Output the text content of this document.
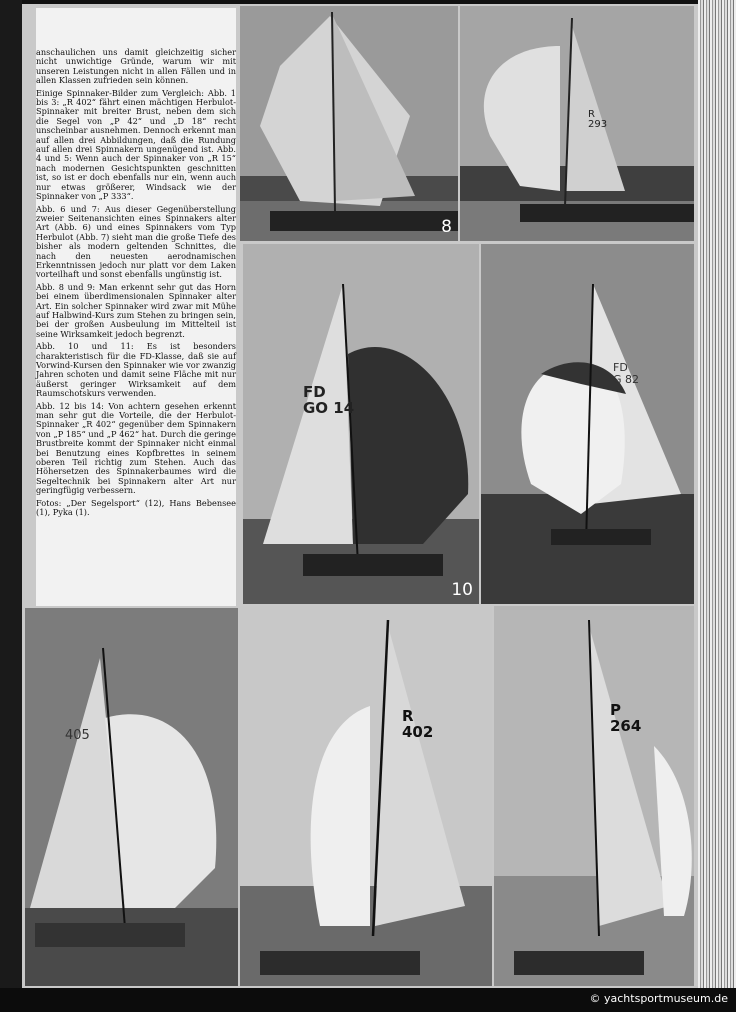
anschaulichen uns damit gleichzeitig sicher nicht unwichtige Gründe, warum wir mit unseren Leistungen nicht in allen Fällen und in allen Klassen zufrieden sein können.

Einige Spinnaker-Bilder zum Vergleich: Abb. 1 bis 3: „R 402“ fährt einen mächtigen Herbulot-Spinnaker mit breiter Brust, neben dem sich die Segel von „P 42“ und „D 18“ recht unscheinbar ausnehmen. Dennoch erkennt man auf allen drei Abbildungen, daß die Rundung auf allen drei Spinnakern ungenügend ist. Abb. 4 und 5: Wenn auch der Spinnaker von „R 15“ nach modernen Gesichtspunkten geschnitten ist, so ist er doch ebenfalls nur ein, wenn auch nur etwas größerer, Windsack wie der Spinnaker von „P 333“.

Abb. 6 und 7: Aus dieser Gegenüberstellung zweier Seitenansichten eines Spinnakers alter Art (Abb. 6) und eines Spinnakers vom Typ Herbulot (Abb. 7) sieht man die große Tiefe des bisher als modern geltenden Schnittes, die nach den neuesten aerodnamischen Erkenntnissen jedoch nur platt vor dem Laken vorteilhaft und sonst ebenfalls ungünstig ist.

Abb. 8 und 9: Man erkennt sehr gut das Horn bei einem überdimensionalen Spinnaker alter Art. Ein solcher Spinnaker wird zwar mit Mühe auf Halbwind-Kurs zum Stehen zu bringen sein, bei der großen Ausbeulung im Mittelteil ist seine Wirksamkeit jedoch begrenzt.

Abb. 10 und 11: Es ist besonders charakteristisch für die FD-Klasse, daß sie auf Vorwind-Kursen den Spinnaker wie vor zwanzig Jahren schoten und damit seine Fläche mit nur äußerst geringer Wirksamkeit auf dem Raumschotskurs verwenden.

Abb. 12 bis 14: Von achtern gesehen erkennt man sehr gut die Vorteile, die der Herbulot-Spinnaker „R 402“ gegenüber dem Spinnakern von „P 185“ und „P 462“ hat. Durch die geringe Brustbreite kommt der Spinnaker nicht einmal bei Benutzung eines Kopfbrettes in seinem oberen Teil richtig zum Stehen. Auch das Höhersetzen des Spinnakerbaumes wird die Segeltechnik bei Spinnakern alter Art nur geringfügig verbessern.

Fotos: „Der Segelsport“ (12), Hans Bebensee (1), Pyka (1).

8
R
293
FD
GO 14
10
FD
G 82
405
R
402
P
264
© yachtsportmuseum.de
